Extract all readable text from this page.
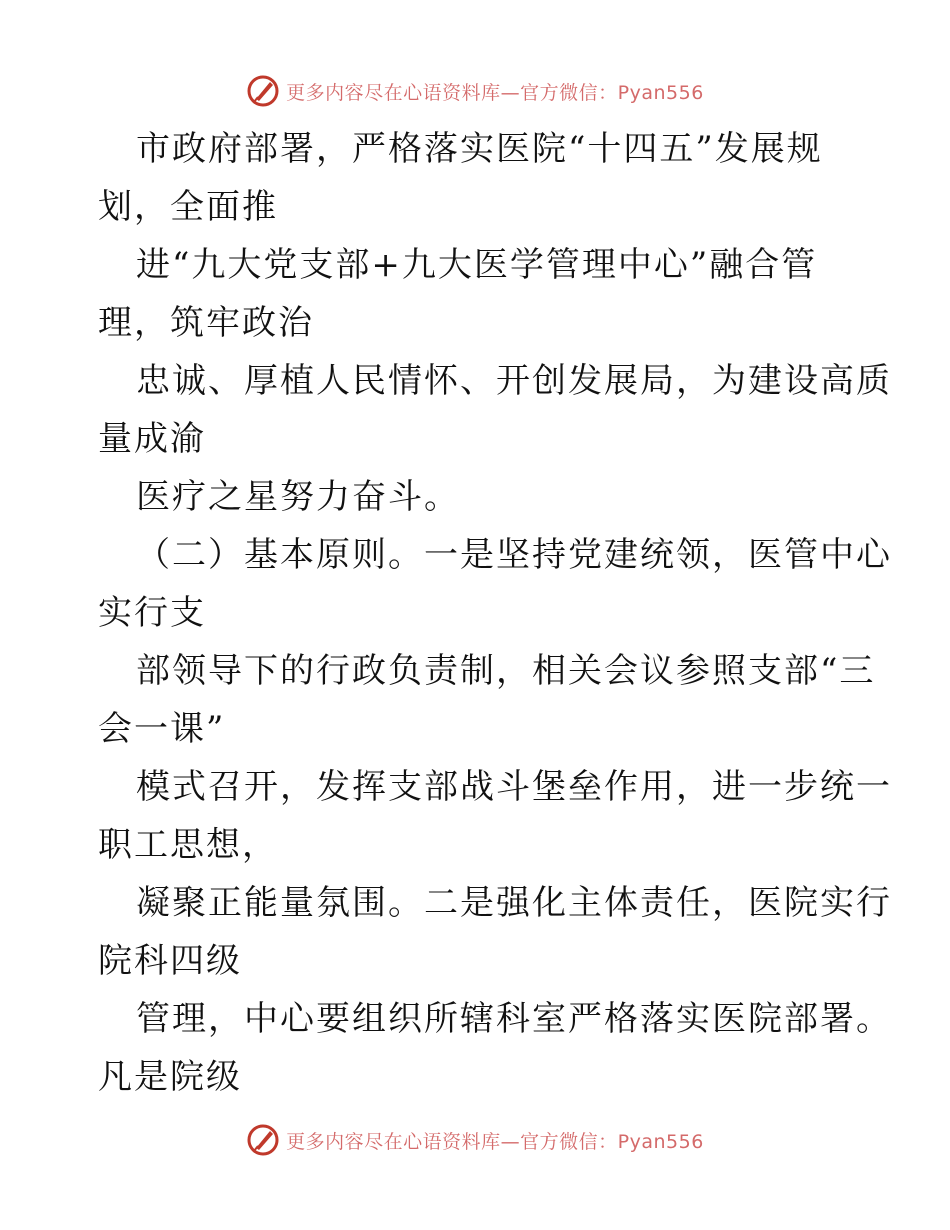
更多内容尽在心语资料库—官方微信：Pyan556
市政府部署，严格落实医院“十四五”发展规
划，全面推
进“九大党支部+九大医学管理中心”融合管
理，筑牢政治
忠诚、厚植人民情怀、开创发展局，为建设高质
量成渝
医疗之星努力奋斗。
（二）基本原则。一是坚持党建统领，医管中心
实行支
部领导下的行政负责制，相关会议参照支部“三
会一课”
模式召开，发挥支部战斗堡垒作用，进一步统一
职工思想，
凝聚正能量氛围。二是强化主体责任，医院实行
院科四级
管理，中心要组织所辖科室严格落实医院部署。
凡是院级
更多内容尽在心语资料库—官方微信：Pyan556
